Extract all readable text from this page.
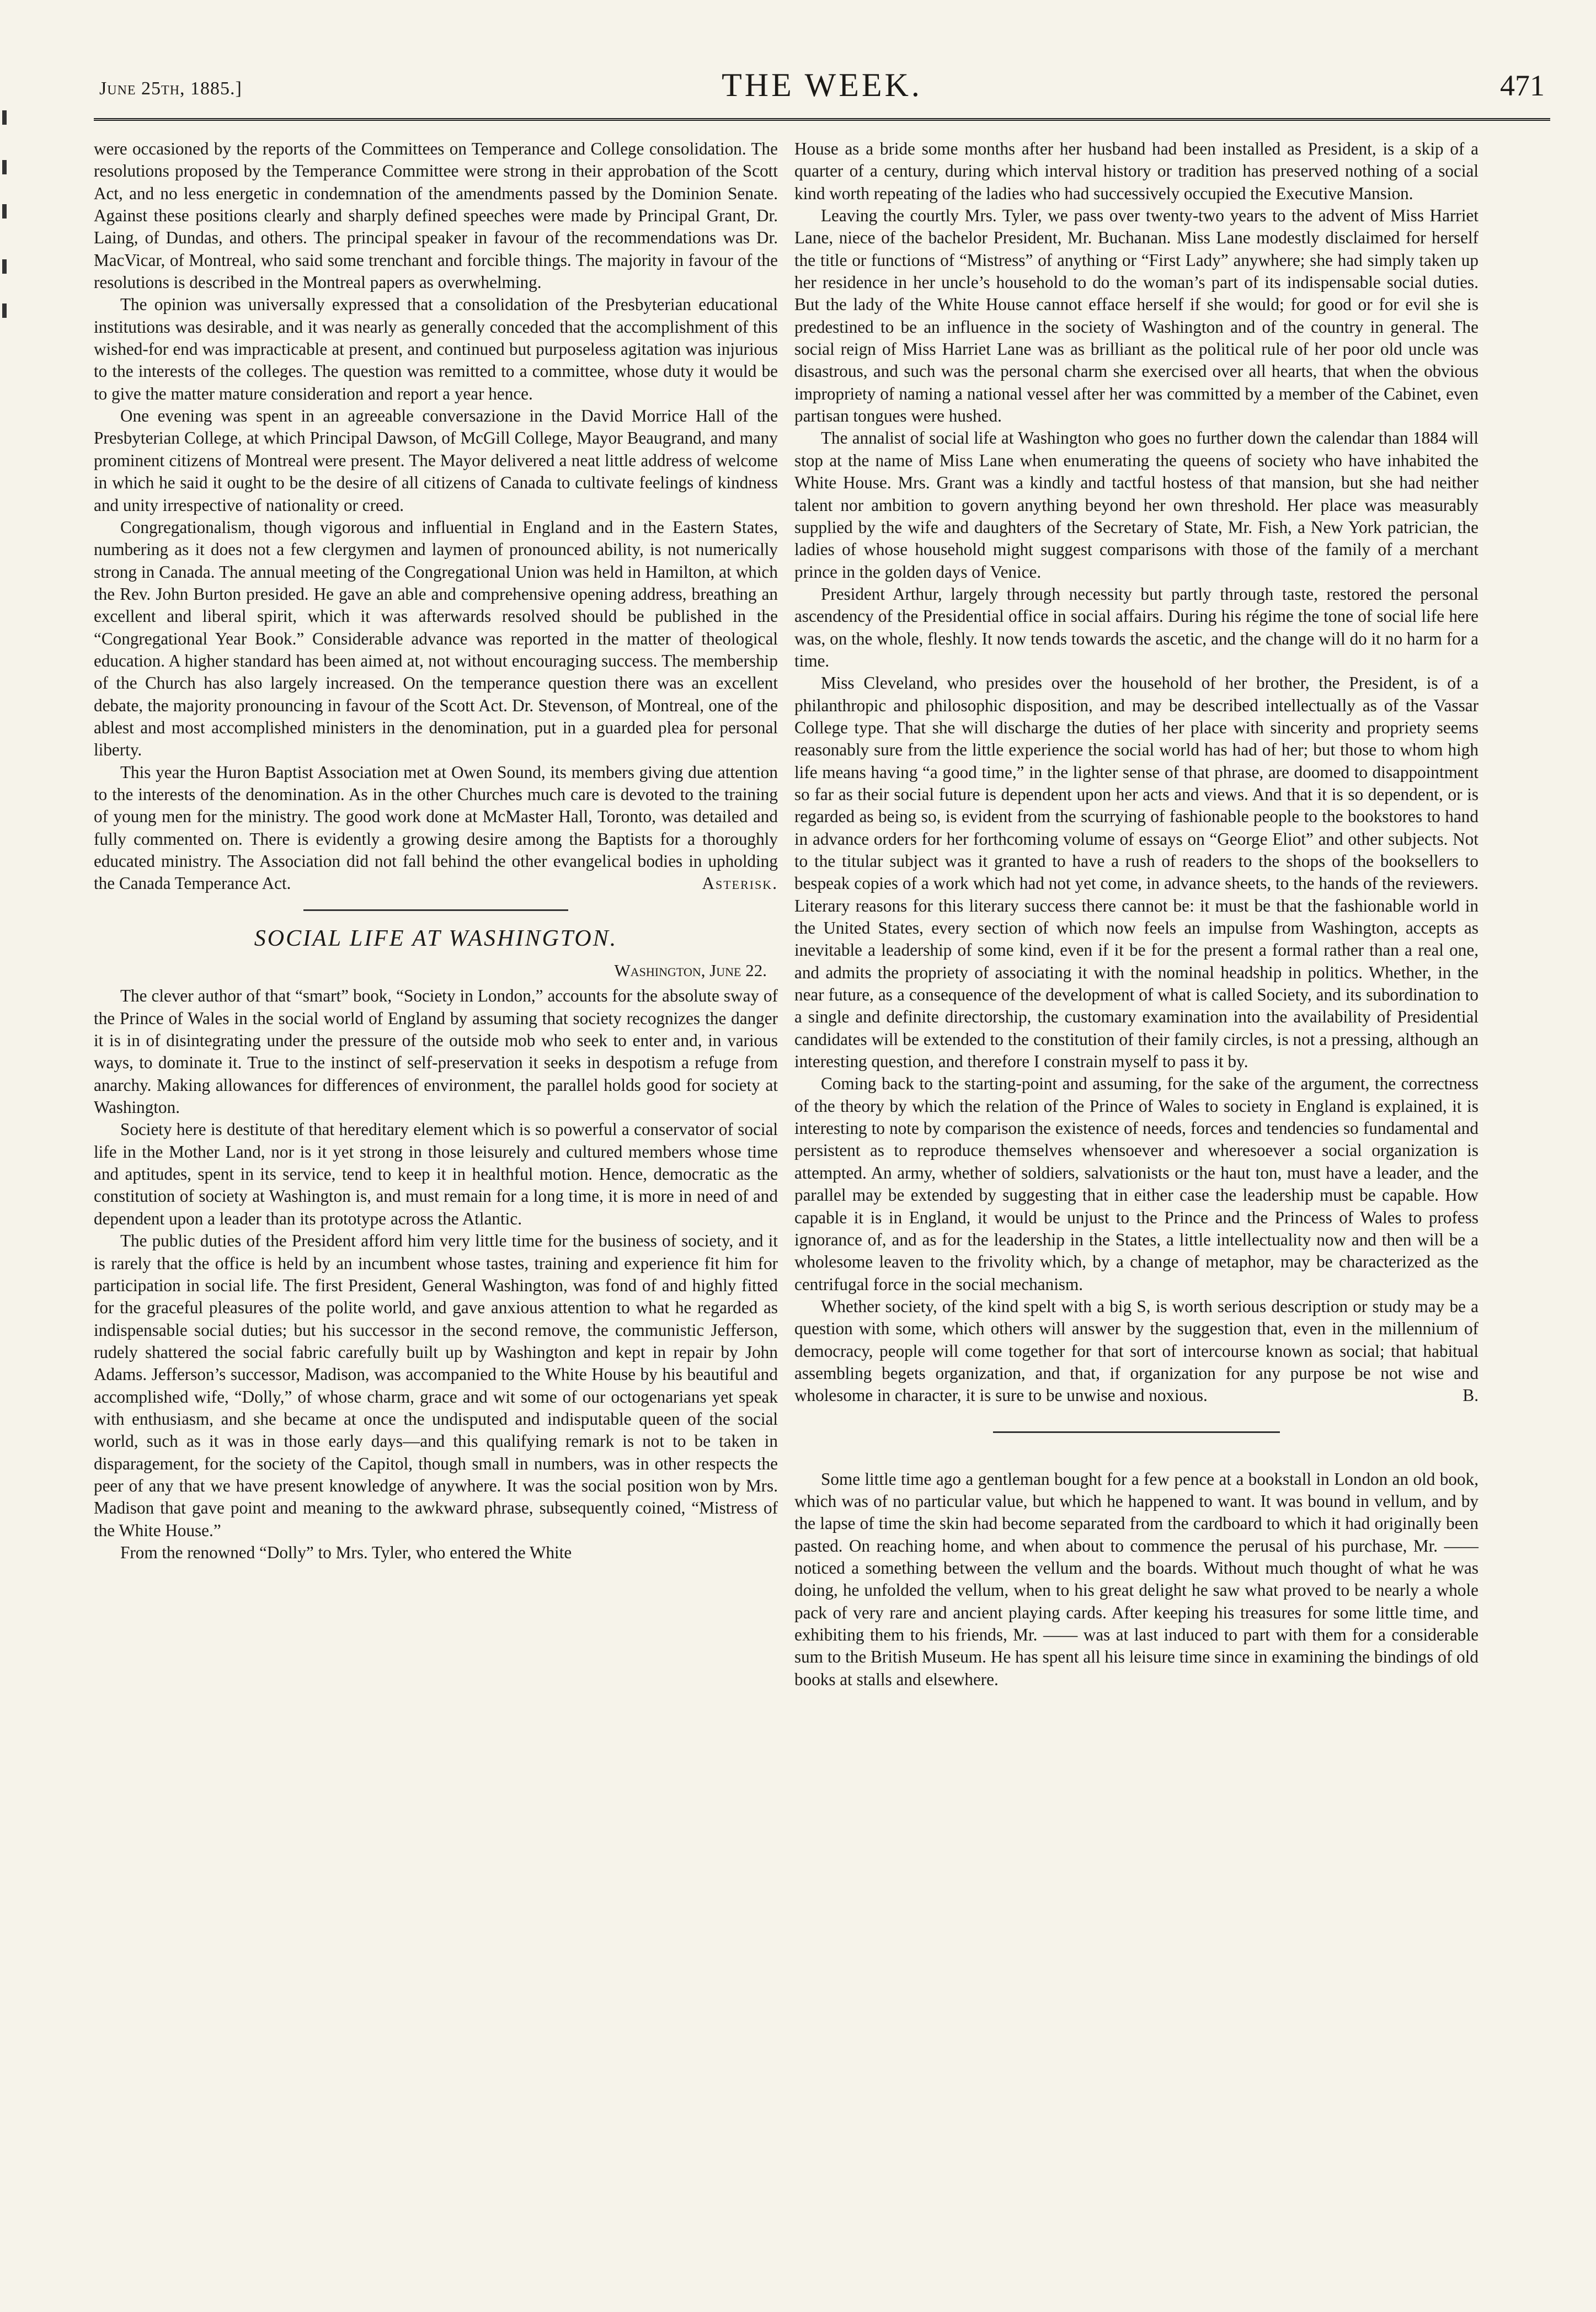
June 25th, 1885.]	THE WEEK.	471

were occasioned by the reports of the Committees on Temperance and College consolidation. The resolutions proposed by the Temperance Committee were strong in their approbation of the Scott Act, and no less energetic in condemnation of the amendments passed by the Dominion Senate. Against these positions clearly and sharply defined speeches were made by Principal Grant, Dr. Laing, of Dundas, and others. The principal speaker in favour of the recommendations was Dr. MacVicar, of Montreal, who said some trenchant and forcible things. The majority in favour of the resolutions is described in the Montreal papers as overwhelming.

The opinion was universally expressed that a consolidation of the Presbyterian educational institutions was desirable, and it was nearly as generally conceded that the accomplishment of this wished-for end was impracticable at present, and continued but purposeless agitation was injurious to the interests of the colleges. The question was remitted to a committee, whose duty it would be to give the matter mature consideration and report a year hence.

One evening was spent in an agreeable conversazione in the David Morrice Hall of the Presbyterian College, at which Principal Dawson, of McGill College, Mayor Beaugrand, and many prominent citizens of Montreal were present. The Mayor delivered a neat little address of welcome in which he said it ought to be the desire of all citizens of Canada to cultivate feelings of kindness and unity irrespective of nationality or creed.

Congregationalism, though vigorous and influential in England and in the Eastern States, numbering as it does not a few clergymen and laymen of pronounced ability, is not numerically strong in Canada. The annual meeting of the Congregational Union was held in Hamilton, at which the Rev. John Burton presided. He gave an able and comprehensive opening address, breathing an excellent and liberal spirit, which it was afterwards resolved should be published in the “Congregational Year Book.” Considerable advance was reported in the matter of theological education. A higher standard has been aimed at, not without encouraging success. The membership of the Church has also largely increased. On the temperance question there was an excellent debate, the majority pronouncing in favour of the Scott Act. Dr. Stevenson, of Montreal, one of the ablest and most accomplished ministers in the denomination, put in a guarded plea for personal liberty.

This year the Huron Baptist Association met at Owen Sound, its members giving due attention to the interests of the denomination. As in the other Churches much care is devoted to the training of young men for the ministry. The good work done at McMaster Hall, Toronto, was detailed and fully commented on. There is evidently a growing desire among the Baptists for a thoroughly educated ministry. The Association did not fall behind the other evangelical bodies in upholding the Canada Temperance Act.	Asterisk.

SOCIAL LIFE AT WASHINGTON.
Washington, June 22.

The clever author of that “smart” book, “Society in London,” accounts for the absolute sway of the Prince of Wales in the social world of England by assuming that society recognizes the danger it is in of disintegrating under the pressure of the outside mob who seek to enter and, in various ways, to dominate it. True to the instinct of self-preservation it seeks in despotism a refuge from anarchy. Making allowances for differences of environment, the parallel holds good for society at Washington.

Society here is destitute of that hereditary element which is so powerful a conservator of social life in the Mother Land, nor is it yet strong in those leisurely and cultured members whose time and aptitudes, spent in its service, tend to keep it in healthful motion. Hence, democratic as the constitution of society at Washington is, and must remain for a long time, it is more in need of and dependent upon a leader than its prototype across the Atlantic.

The public duties of the President afford him very little time for the business of society, and it is rarely that the office is held by an incumbent whose tastes, training and experience fit him for participation in social life. The first President, General Washington, was fond of and highly fitted for the graceful pleasures of the polite world, and gave anxious attention to what he regarded as indispensable social duties; but his successor in the second remove, the communistic Jefferson, rudely shattered the social fabric carefully built up by Washington and kept in repair by John Adams. Jefferson’s successor, Madison, was accompanied to the White House by his beautiful and accomplished wife, “Dolly,” of whose charm, grace and wit some of our octogenarians yet speak with enthusiasm, and she became at once the undisputed and indisputable queen of the social world, such as it was in those early days—and this qualifying remark is not to be taken in disparagement, for the society of the Capitol, though small in numbers, was in other respects the peer of any that we have present knowledge of anywhere. It was the social position won by Mrs. Madison that gave point and meaning to the awkward phrase, subsequently coined, “Mistress of the White House.”

From the renowned “Dolly” to Mrs. Tyler, who entered the White

House as a bride some months after her husband had been installed as President, is a skip of a quarter of a century, during which interval history or tradition has preserved nothing of a social kind worth repeating of the ladies who had successively occupied the Executive Mansion.

Leaving the courtly Mrs. Tyler, we pass over twenty-two years to the advent of Miss Harriet Lane, niece of the bachelor President, Mr. Buchanan. Miss Lane modestly disclaimed for herself the title or functions of “Mistress” of anything or “First Lady” anywhere; she had simply taken up her residence in her uncle’s household to do the woman’s part of its indispensable social duties. But the lady of the White House cannot efface herself if she would; for good or for evil she is predestined to be an influence in the society of Washington and of the country in general. The social reign of Miss Harriet Lane was as brilliant as the political rule of her poor old uncle was disastrous, and such was the personal charm she exercised over all hearts, that when the obvious impropriety of naming a national vessel after her was committed by a member of the Cabinet, even partisan tongues were hushed.

The annalist of social life at Washington who goes no further down the calendar than 1884 will stop at the name of Miss Lane when enumerating the queens of society who have inhabited the White House. Mrs. Grant was a kindly and tactful hostess of that mansion, but she had neither talent nor ambition to govern anything beyond her own threshold. Her place was measurably supplied by the wife and daughters of the Secretary of State, Mr. Fish, a New York patrician, the ladies of whose household might suggest comparisons with those of the family of a merchant prince in the golden days of Venice.

President Arthur, largely through necessity but partly through taste, restored the personal ascendency of the Presidential office in social affairs. During his régime the tone of social life here was, on the whole, fleshly. It now tends towards the ascetic, and the change will do it no harm for a time.

Miss Cleveland, who presides over the household of her brother, the President, is of a philanthropic and philosophic disposition, and may be described intellectually as of the Vassar College type. That she will discharge the duties of her place with sincerity and propriety seems reasonably sure from the little experience the social world has had of her; but those to whom high life means having “a good time,” in the lighter sense of that phrase, are doomed to disappointment so far as their social future is dependent upon her acts and views. And that it is so dependent, or is regarded as being so, is evident from the scurrying of fashionable people to the bookstores to hand in advance orders for her forthcoming volume of essays on “George Eliot” and other subjects. Not to the titular subject was it granted to have a rush of readers to the shops of the booksellers to bespeak copies of a work which had not yet come, in advance sheets, to the hands of the reviewers. Literary reasons for this literary success there cannot be: it must be that the fashionable world in the United States, every section of which now feels an impulse from Washington, accepts as inevitable a leadership of some kind, even if it be for the present a formal rather than a real one, and admits the propriety of associating it with the nominal headship in politics. Whether, in the near future, as a consequence of the development of what is called Society, and its subordination to a single and definite directorship, the customary examination into the availability of Presidential candidates will be extended to the constitution of their family circles, is not a pressing, although an interesting question, and therefore I constrain myself to pass it by.

Coming back to the starting-point and assuming, for the sake of the argument, the correctness of the theory by which the relation of the Prince of Wales to society in England is explained, it is interesting to note by comparison the existence of needs, forces and tendencies so fundamental and persistent as to reproduce themselves whensoever and wheresoever a social organization is attempted. An army, whether of soldiers, salvationists or the haut ton, must have a leader, and the parallel may be extended by suggesting that in either case the leadership must be capable. How capable it is in England, it would be unjust to the Prince and the Princess of Wales to profess ignorance of, and as for the leadership in the States, a little intellectuality now and then will be a wholesome leaven to the frivolity which, by a change of metaphor, may be characterized as the centrifugal force in the social mechanism.

Whether society, of the kind spelt with a big S, is worth serious description or study may be a question with some, which others will answer by the suggestion that, even in the millennium of democracy, people will come together for that sort of intercourse known as social; that habitual assembling begets organization, and that, if organization for any purpose be not wise and wholesome in character, it is sure to be unwise and noxious.	B.

Some little time ago a gentleman bought for a few pence at a bookstall in London an old book, which was of no particular value, but which he happened to want. It was bound in vellum, and by the lapse of time the skin had become separated from the cardboard to which it had originally been pasted. On reaching home, and when about to commence the perusal of his purchase, Mr. —— noticed a something between the vellum and the boards. Without much thought of what he was doing, he unfolded the vellum, when to his great delight he saw what proved to be nearly a whole pack of very rare and ancient playing cards. After keeping his treasures for some little time, and exhibiting them to his friends, Mr. —— was at last induced to part with them for a considerable sum to the British Museum. He has spent all his leisure time since in examining the bindings of old books at stalls and elsewhere.
